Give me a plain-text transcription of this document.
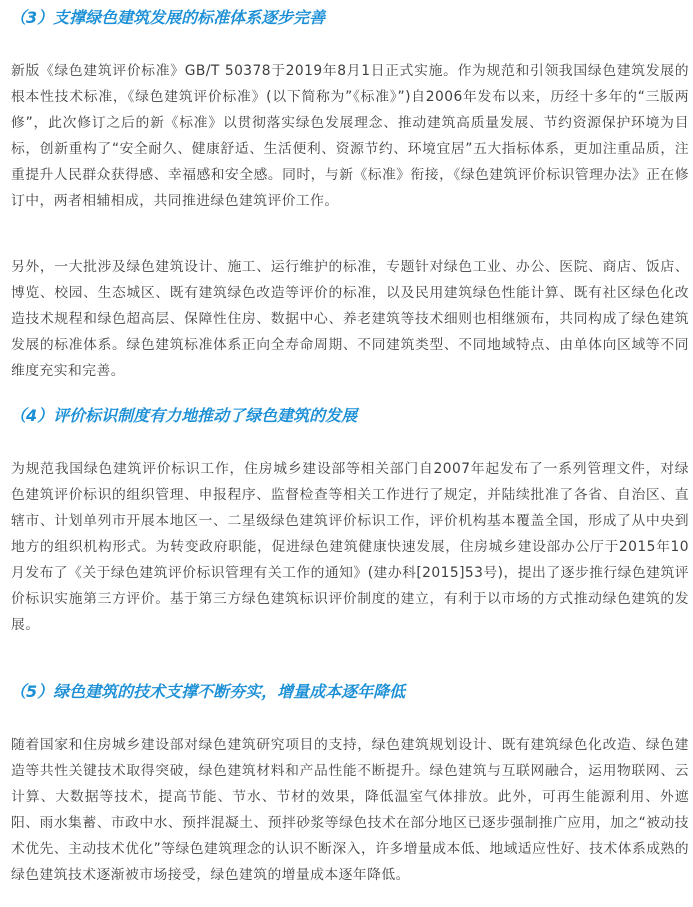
（3）支撑绿色建筑发展的标准体系逐步完善

新版《绿色建筑评价标准》GB/T 50378于2019年8月1日正式实施。作为规范和引领我国绿色建筑发展的根本性技术标准，《绿色建筑评价标准》(以下简称为”《标准》”)自2006年发布以来，历经十多年的“三版两修”，此次修订之后的新《标准》以贯彻落实绿色发展理念、推动建筑高质量发展、节约资源保护环境为目标，创新重构了“安全耐久、健康舒适、生活便利、资源节约、环境宜居”五大指标体系，更加注重品质，注重提升人民群众获得感、幸福感和安全感。同时，与新《标准》衔接，《绿色建筑评价标识管理办法》正在修订中，两者相辅相成，共同推进绿色建筑评价工作。

另外，一大批涉及绿色建筑设计、施工、运行维护的标准，专题针对绿色工业、办公、医院、商店、饭店、博览、校园、生态城区、既有建筑绿色改造等评价的标准，以及民用建筑绿色性能计算、既有社区绿色化改造技术规程和绿色超高层、保障性住房、数据中心、养老建筑等技术细则也相继颁布，共同构成了绿色建筑发展的标准体系。绿色建筑标准体系正向全寿命周期、不同建筑类型、不同地域特点、由单体向区域等不同维度充实和完善。

（4）评价标识制度有力地推动了绿色建筑的发展

为规范我国绿色建筑评价标识工作，住房城乡建设部等相关部门自2007年起发布了一系列管理文件，对绿色建筑评价标识的组织管理、申报程序、监督检查等相关工作进行了规定，并陆续批准了各省、自治区、直辖市、计划单列市开展本地区一、二星级绿色建筑评价标识工作，评价机构基本覆盖全国，形成了从中央到地方的组织机构形式。为转变政府职能，促进绿色建筑健康快速发展，住房城乡建设部办公厅于2015年10月发布了《关于绿色建筑评价标识管理有关工作的通知》(建办科[2015]53号)，提出了逐步推行绿色建筑评价标识实施第三方评价。基于第三方绿色建筑标识评价制度的建立，有利于以市场的方式推动绿色建筑的发展。

（5）绿色建筑的技术支撑不断夯实，增量成本逐年降低

随着国家和住房城乡建设部对绿色建筑研究项目的支持，绿色建筑规划设计、既有建筑绿色化改造、绿色建造等共性关键技术取得突破，绿色建筑材料和产品性能不断提升。绿色建筑与互联网融合，运用物联网、云计算、大数据等技术，提高节能、节水、节材的效果，降低温室气体排放。此外，可再生能源利用、外遮阳、雨水集蓄、市政中水、预拌混凝土、预拌砂浆等绿色技术在部分地区已逐步强制推广应用，加之“被动技术优先、主动技术优化”等绿色建筑理念的认识不断深入，许多增量成本低、地域适应性好、技术体系成熟的绿色建筑技术逐渐被市场接受，绿色建筑的增量成本逐年降低。
